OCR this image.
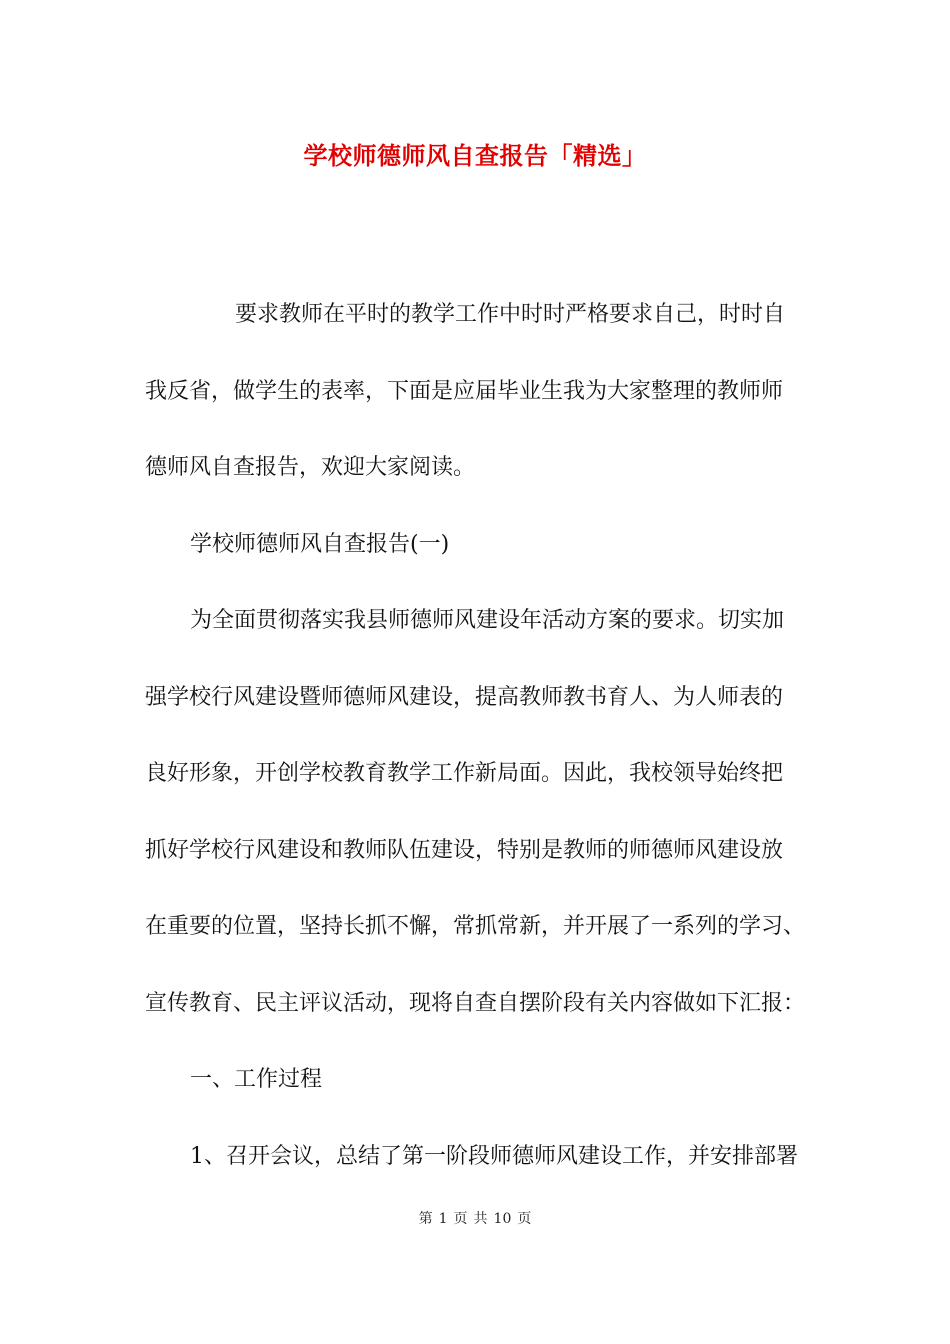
学校师德师风自查报告「精选」
要求教师在平时的教学工作中时时严格要求自己，时时自
我反省，做学生的表率，下面是应届毕业生我为大家整理的教师师
德师风自查报告，欢迎大家阅读。
学校师德师风自查报告(一)
为全面贯彻落实我县师德师风建设年活动方案的要求。切实加
强学校行风建设暨师德师风建设，提高教师教书育人、为人师表的
良好形象，开创学校教育教学工作新局面。因此，我校领导始终把
抓好学校行风建设和教师队伍建设，特别是教师的师德师风建设放
在重要的位置，坚持长抓不懈，常抓常新，并开展了一系列的学习、
宣传教育、民主评议活动，现将自查自摆阶段有关内容做如下汇报：
一、工作过程
1、召开会议，总结了第一阶段师德师风建设工作，并安排部署

第 1 页 共 10 页
